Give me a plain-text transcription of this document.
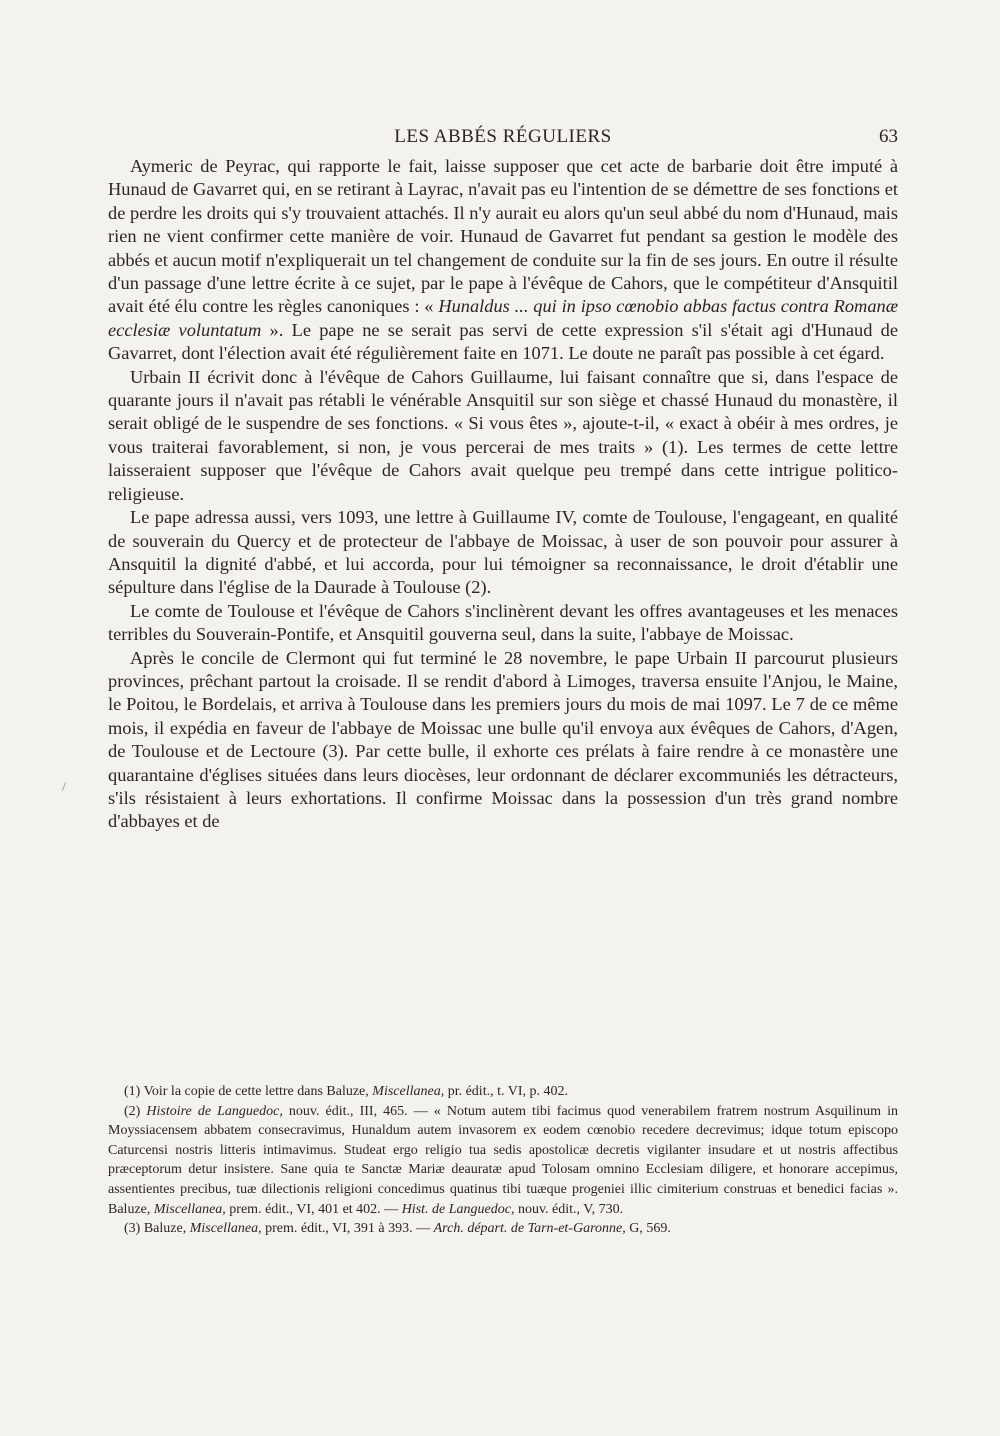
LES ABBÉS RÉGULIERS	63
/

Aymeric de Peyrac, qui rapporte le fait, laisse supposer que cet acte de barbarie doit être imputé à Hunaud de Gavarret qui, en se retirant à Layrac, n'avait pas eu l'intention de se démettre de ses fonctions et de perdre les droits qui s'y trouvaient attachés. Il n'y aurait eu alors qu'un seul abbé du nom d'Hunaud, mais rien ne vient confirmer cette manière de voir. Hunaud de Gavarret fut pendant sa gestion le modèle des abbés et aucun motif n'expliquerait un tel changement de conduite sur la fin de ses jours. En outre il résulte d'un passage d'une lettre écrite à ce sujet, par le pape à l'évêque de Cahors, que le compétiteur d'Ansquitil avait été élu contre les règles canoniques : « Hunaldus ... qui in ipso cœnobio abbas factus contra Romanæ ecclesiæ voluntatum ». Le pape ne se serait pas servi de cette expression s'il s'était agi d'Hunaud de Gavarret, dont l'élection avait été régulièrement faite en 1071. Le doute ne paraît pas possible à cet égard.

Urbain II écrivit donc à l'évêque de Cahors Guillaume, lui faisant connaître que si, dans l'espace de quarante jours il n'avait pas rétabli le vénérable Ansquitil sur son siège et chassé Hunaud du monastère, il serait obligé de le suspendre de ses fonctions. « Si vous êtes », ajoute-t-il, « exact à obéir à mes ordres, je vous traiterai favorablement, si non, je vous percerai de mes traits » (1). Les termes de cette lettre laisseraient supposer que l'évêque de Cahors avait quelque peu trempé dans cette intrigue politico-religieuse.

Le pape adressa aussi, vers 1093, une lettre à Guillaume IV, comte de Toulouse, l'engageant, en qualité de souverain du Quercy et de protecteur de l'abbaye de Moissac, à user de son pouvoir pour assurer à Ansquitil la dignité d'abbé, et lui accorda, pour lui témoigner sa reconnaissance, le droit d'établir une sépulture dans l'église de la Daurade à Toulouse (2).

Le comte de Toulouse et l'évêque de Cahors s'inclinèrent devant les offres avantageuses et les menaces terribles du Souverain-Pontife, et Ansquitil gouverna seul, dans la suite, l'abbaye de Moissac.

Après le concile de Clermont qui fut terminé le 28 novembre, le pape Urbain II parcourut plusieurs provinces, prêchant partout la croisade. Il se rendit d'abord à Limoges, traversa ensuite l'Anjou, le Maine, le Poitou, le Bordelais, et arriva à Toulouse dans les premiers jours du mois de mai 1097. Le 7 de ce même mois, il expédia en faveur de l'abbaye de Moissac une bulle qu'il envoya aux évêques de Cahors, d'Agen, de Toulouse et de Lectoure (3). Par cette bulle, il exhorte ces prélats à faire rendre à ce monastère une quarantaine d'églises situées dans leurs diocèses, leur ordonnant de déclarer excommuniés les détracteurs, s'ils résistaient à leurs exhortations. Il confirme Moissac dans la possession d'un très grand nombre d'abbayes et de

(1) Voir la copie de cette lettre dans Baluze, Miscellanea, pr. édit., t. VI, p. 402.

(2) Histoire de Languedoc, nouv. édit., III, 465. — « Notum autem tibi facimus quod venerabilem fratrem nostrum Asquilinum in Moyssiacensem abbatem consecravimus, Hunaldum autem invasorem ex eodem cœnobio recedere decrevimus; idque totum episcopo Caturcensi nostris litteris intimavimus. Studeat ergo religio tua sedis apostolicæ decretis vigilanter insudare et ut nostris affectibus præceptorum detur insistere. Sane quia te Sanctæ Mariæ deauratæ apud Tolosam omnino Ecclesiam diligere, et honorare accepimus, assentientes precibus, tuæ dilectionis religioni concedimus quatinus tibi tuæque progeniei illic cimiterium construas et benedici facias ». Baluze, Miscellanea, prem. édit., VI, 401 et 402. — Hist. de Languedoc, nouv. édit., V, 730.

(3) Baluze, Miscellanea, prem. édit., VI, 391 à 393. — Arch. départ. de Tarn-et-Garonne, G, 569.
